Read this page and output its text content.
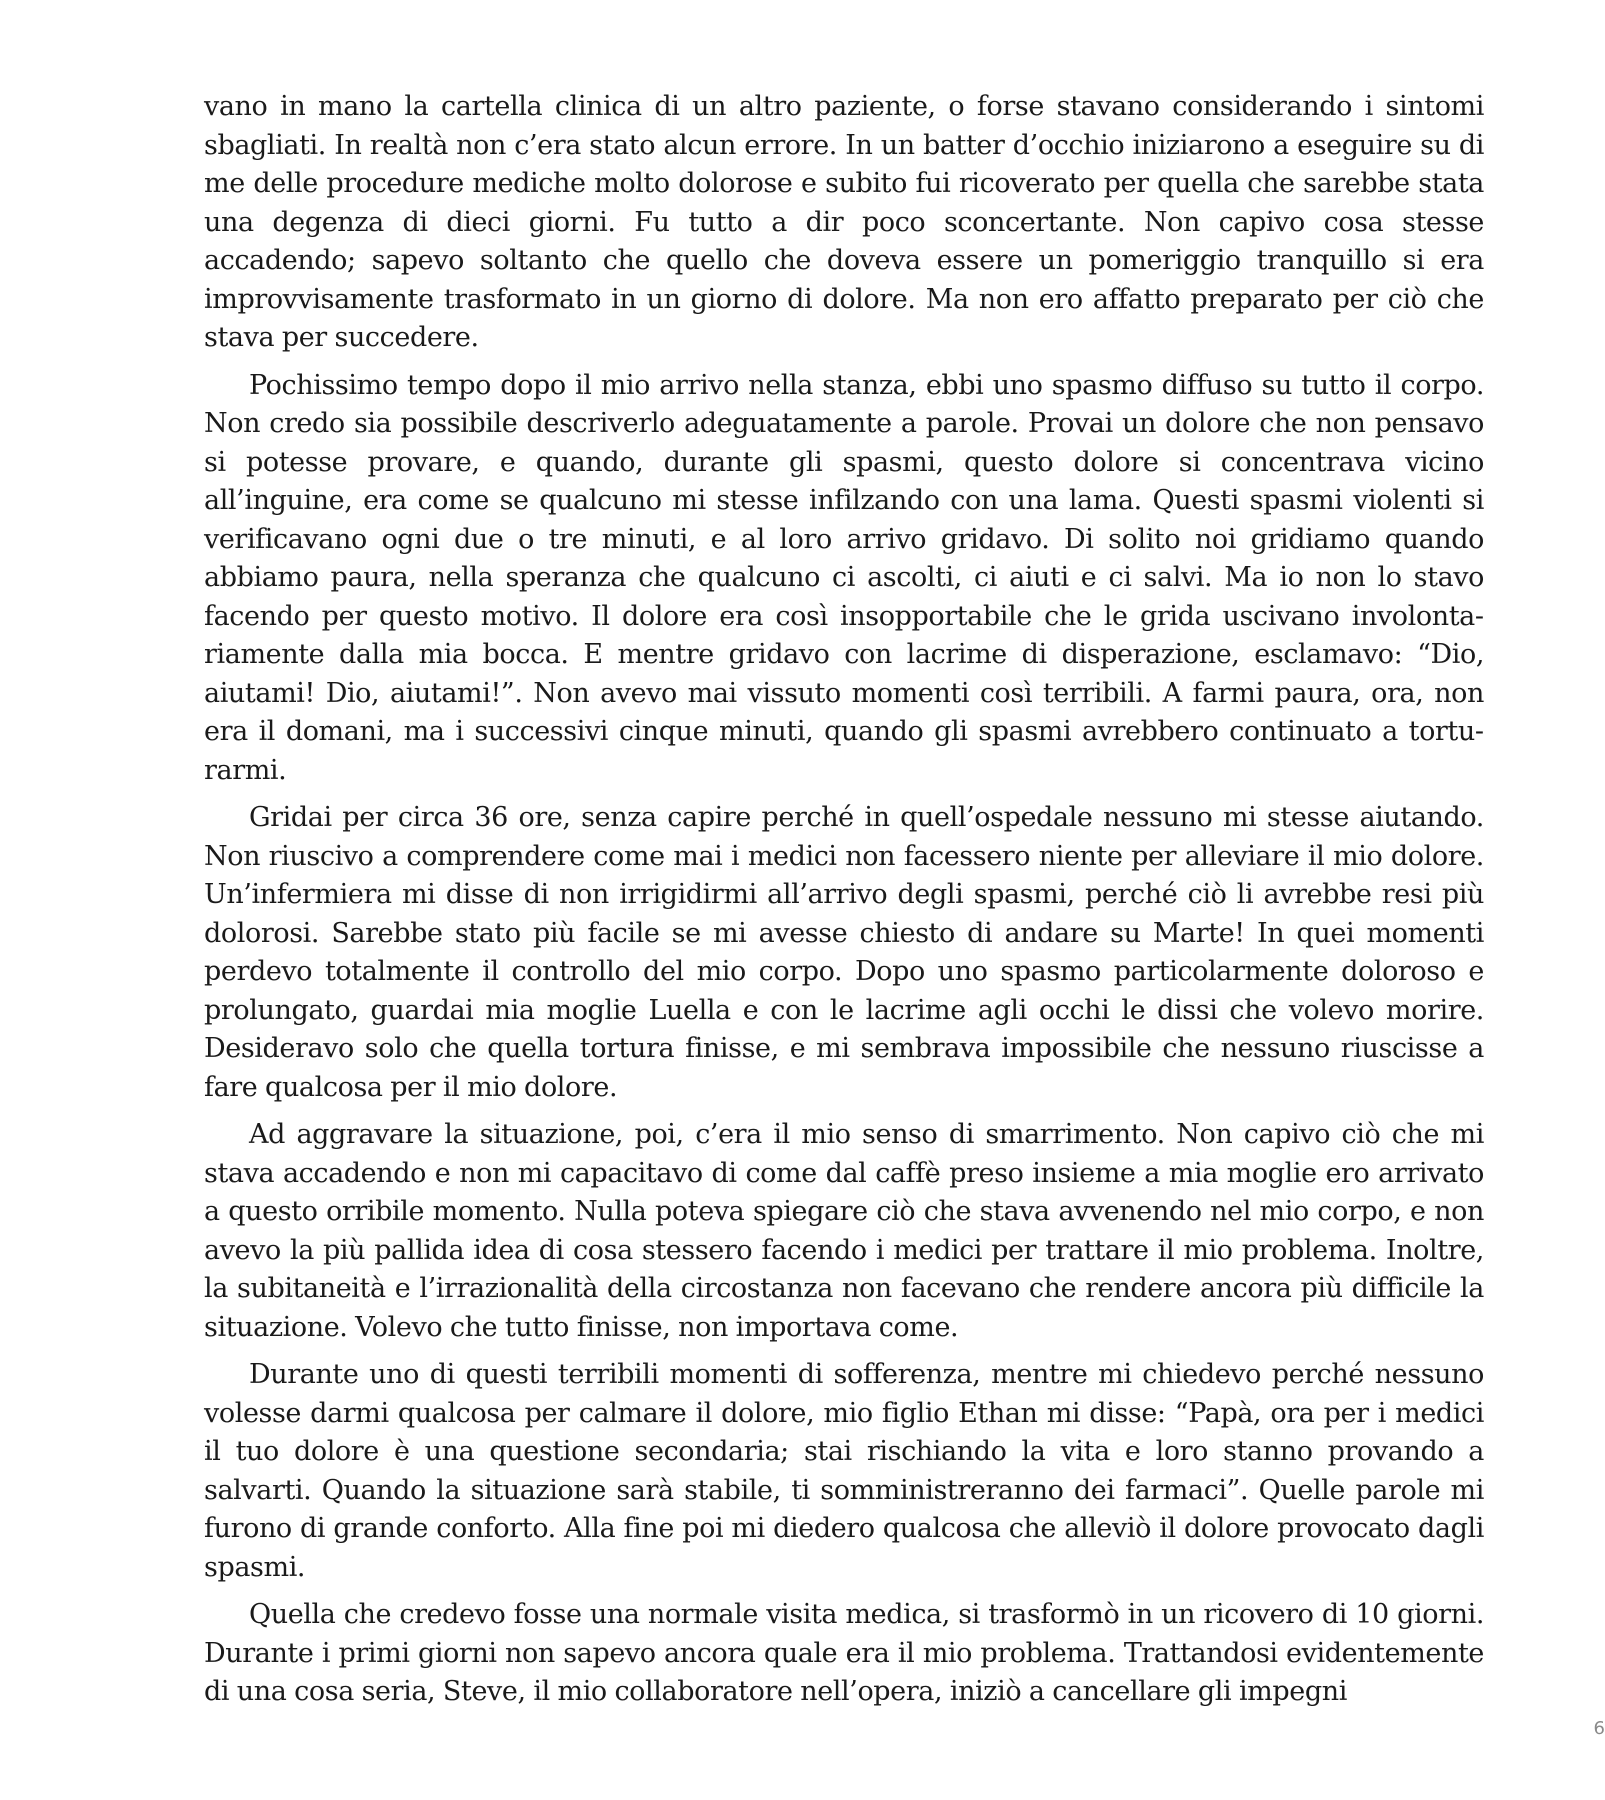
vano in mano la cartella clinica di un altro paziente, o forse stavano considerando i sintomi sbagliati. In realtà non c’era stato alcun errore. In un batter d’occhio iniziarono a eseguire su di me delle procedure mediche molto dolorose e subito fui ricoverato per quella che sarebbe stata una degenza di dieci giorni. Fu tutto a dir poco sconcertante. Non capivo cosa stesse accadendo; sapevo soltanto che quello che doveva essere un pomeriggio tranquillo si era improvvisamente trasformato in un giorno di dolore. Ma non ero affatto preparato per ciò che stava per succedere.

Pochissimo tempo dopo il mio arrivo nella stanza, ebbi uno spasmo diffuso su tutto il corpo. Non credo sia possibile descriverlo adeguatamente a parole. Provai un dolore che non pensavo si potesse provare, e quando, durante gli spasmi, questo dolore si concentrava vicino all’inguine, era come se qualcuno mi stesse infilzando con una lama. Questi spasmi violenti si verificavano ogni due o tre minuti, e al loro arrivo gridavo. Di solito noi gridiamo quando abbiamo paura, nella speranza che qualcuno ci ascolti, ci aiuti e ci salvi. Ma io non lo stavo facendo per questo motivo. Il dolore era così insopportabile che le grida uscivano involontariamente dalla mia bocca. E mentre gridavo con lacrime di disperazione, esclamavo: “Dio, aiutami! Dio, aiutami!”. Non avevo mai vissuto momenti così terribili. A farmi paura, ora, non era il domani, ma i successivi cinque minuti, quando gli spasmi avrebbero continuato a torturarmi.

Gridai per circa 36 ore, senza capire perché in quell’ospedale nessuno mi stesse aiutando. Non riuscivo a comprendere come mai i medici non facessero niente per alleviare il mio dolore. Un’infermiera mi disse di non irrigidirmi all’arrivo degli spasmi, perché ciò li avrebbe resi più dolorosi. Sarebbe stato più facile se mi avesse chiesto di andare su Marte! In quei momenti perdevo totalmente il controllo del mio corpo. Dopo uno spasmo particolarmente doloroso e prolungato, guardai mia moglie Luella e con le lacrime agli occhi le dissi che volevo morire. Desideravo solo che quella tortura finisse, e mi sembrava impossibile che nessuno riuscisse a fare qualcosa per il mio dolore.

Ad aggravare la situazione, poi, c’era il mio senso di smarrimento. Non capivo ciò che mi stava accadendo e non mi capacitavo di come dal caffè preso insieme a mia moglie ero arrivato a questo orribile momento. Nulla poteva spiegare ciò che stava avvenendo nel mio corpo, e non avevo la più pallida idea di cosa stessero facendo i medici per trattare il mio problema. Inoltre, la subitaneità e l’irrazionalità della circostanza non facevano che rendere ancora più difficile la situazione. Volevo che tutto finisse, non importava come.

Durante uno di questi terribili momenti di sofferenza, mentre mi chiedevo perché nessuno volesse darmi qualcosa per calmare il dolore, mio figlio Ethan mi disse: “Papà, ora per i medici il tuo dolore è una questione secondaria; stai rischiando la vita e loro stanno provando a salvarti. Quando la situazione sarà stabile, ti somministreranno dei farmaci”. Quelle parole mi furono di grande conforto. Alla fine poi mi diedero qualcosa che alleviò il dolore provocato dagli spasmi.

Quella che credevo fosse una normale visita medica, si trasformò in un ricovero di 10 giorni. Durante i primi giorni non sapevo ancora quale era il mio problema. Trattandosi evidentemente di una cosa seria, Steve, il mio collaboratore nell’opera, iniziò a cancellare gli impegni

6
